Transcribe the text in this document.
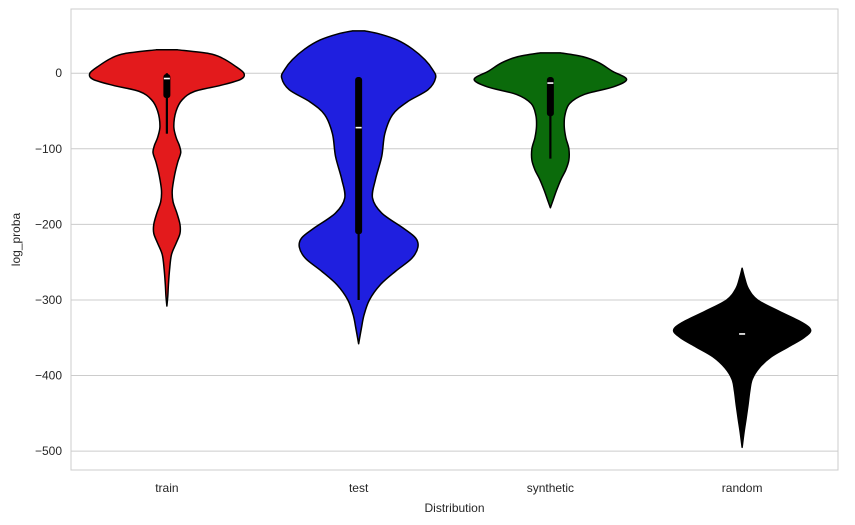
0
−100
−200
−300
−400
−500
train	test	synthetic	random
Distribution
log_proba
